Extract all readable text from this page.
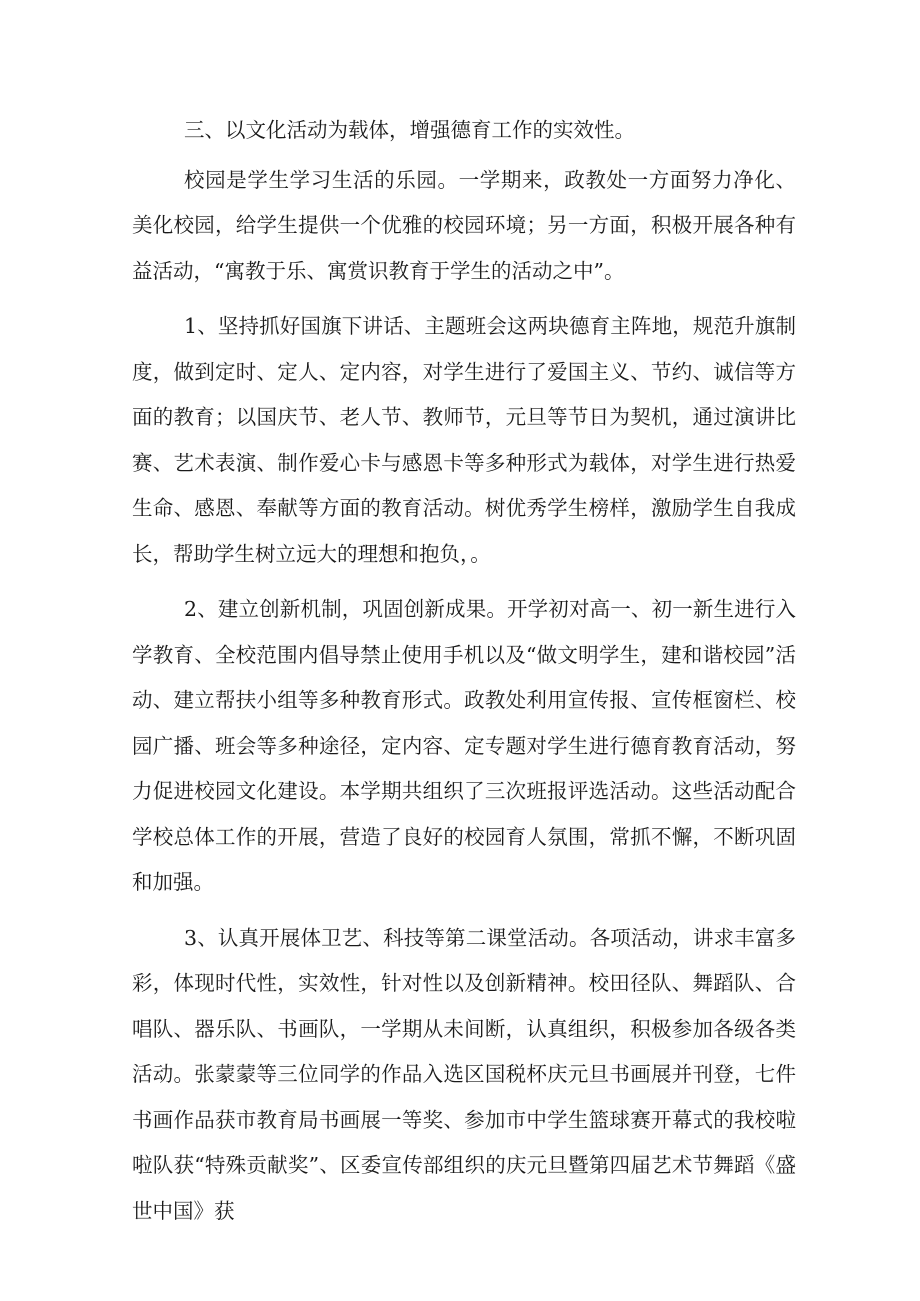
三、以文化活动为载体，增强德育工作的实效性。

校园是学生学习生活的乐园。一学期来，政教处一方面努力净化、美化校园，给学生提供一个优雅的校园环境；另一方面，积极开展各种有益活动，“寓教于乐、寓赏识教育于学生的活动之中”。

1、坚持抓好国旗下讲话、主题班会这两块德育主阵地，规范升旗制度，做到定时、定人、定内容，对学生进行了爱国主义、节约、诚信等方面的教育；以国庆节、老人节、教师节，元旦等节日为契机，通过演讲比赛、艺术表演、制作爱心卡与感恩卡等多种形式为载体，对学生进行热爱生命、感恩、奉献等方面的教育活动。树优秀学生榜样，激励学生自我成长，帮助学生树立远大的理想和抱负，。

2、建立创新机制，巩固创新成果。开学初对高一、初一新生进行入学教育、全校范围内倡导禁止使用手机以及“做文明学生，建和谐校园”活动、建立帮扶小组等多种教育形式。政教处利用宣传报、宣传框窗栏、校园广播、班会等多种途径，定内容、定专题对学生进行德育教育活动，努力促进校园文化建设。本学期共组织了三次班报评选活动。这些活动配合学校总体工作的开展，营造了良好的校园育人氛围，常抓不懈，不断巩固和加强。

3、认真开展体卫艺、科技等第二课堂活动。各项活动，讲求丰富多彩，体现时代性，实效性，针对性以及创新精神。校田径队、舞蹈队、合唱队、器乐队、书画队，一学期从未间断，认真组织，积极参加各级各类活动。张蒙蒙等三位同学的作品入选区国税杯庆元旦书画展并刊登，七件书画作品获市教育局书画展一等奖、参加市中学生篮球赛开幕式的我校啦啦队获“特殊贡献奖”、区委宣传部组织的庆元旦暨第四届艺术节舞蹈《盛世中国》获
